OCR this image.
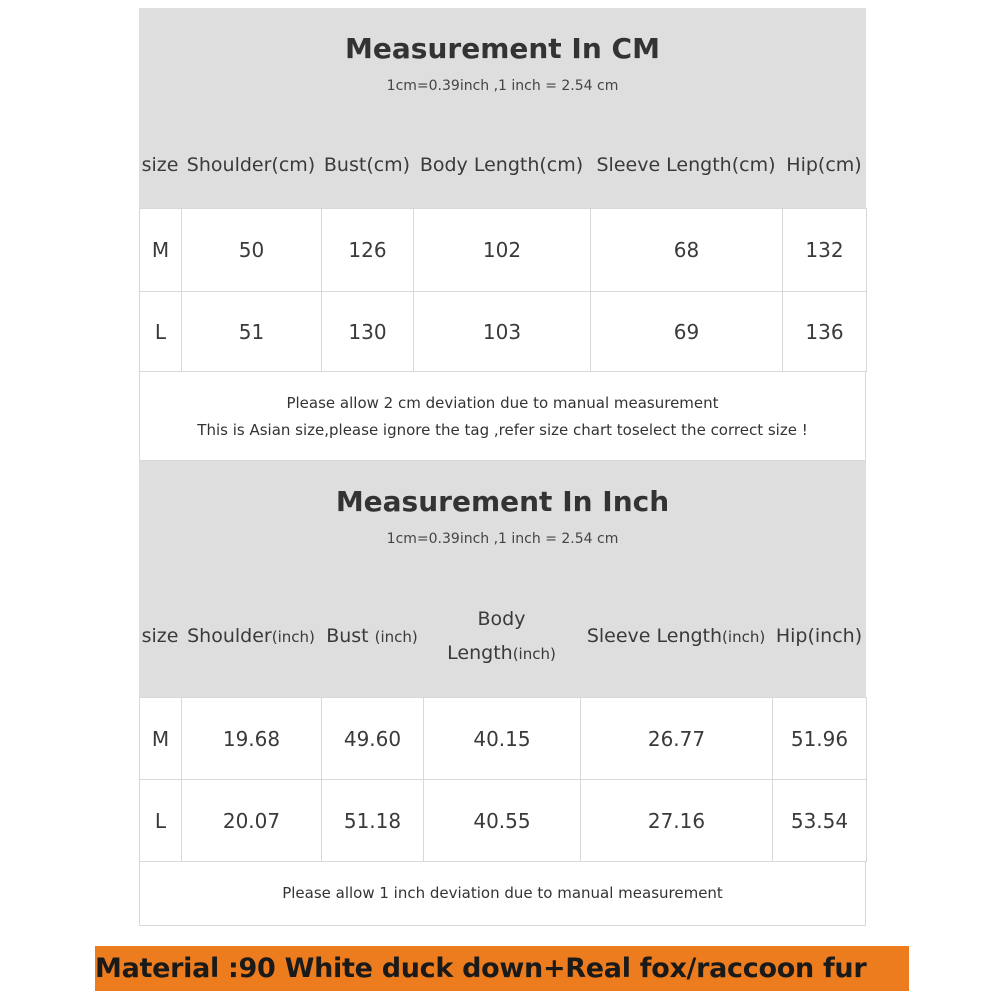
Measurement In CM
1cm=0.39inch ,1 inch = 2.54 cm
size Shoulder(cm) Bust(cm) Body Length(cm) Sleeve Length(cm) Hip(cm)
M	50	126	102	68	132
L	51	130	103	69	136
Please allow 2 cm deviation due to manual measurement
This is Asian size,please ignore the tag ,refer size chart toselect the correct size !
Measurement In Inch
1cm=0.39inch ,1 inch = 2.54 cm
size Shoulder(inch) Bust (inch)
Body
Length(inch)
Sleeve Length(inch) Hip(inch)
M	19.68	49.60	40.15	26.77	51.96
L	20.07	51.18	40.55	27.16	53.54
Please allow 1 inch deviation due to manual measurement
Material :90 White duck down+Real fox/raccoon fur
